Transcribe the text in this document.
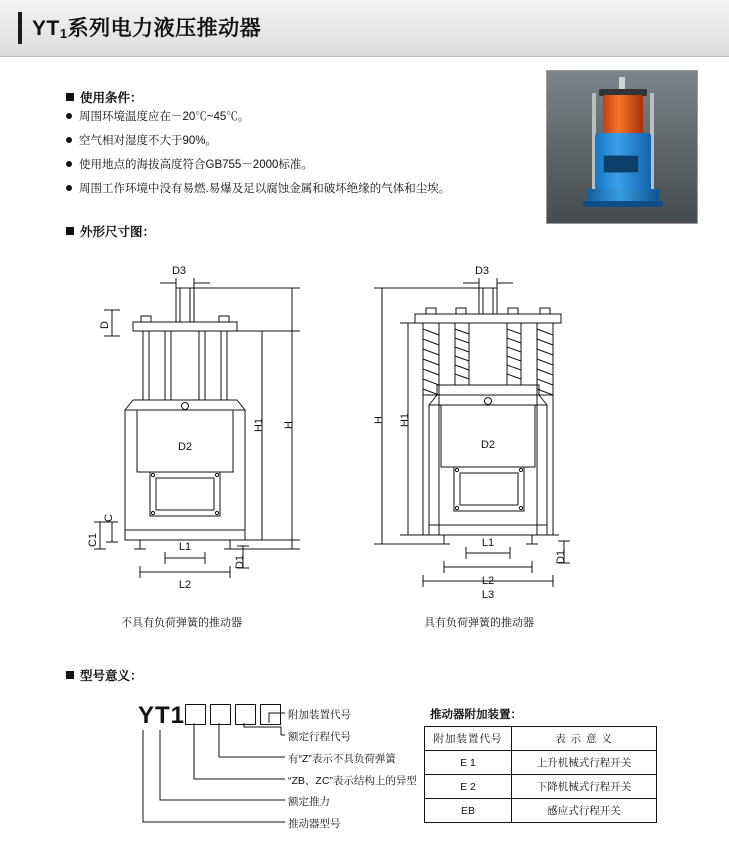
$YT_1$系列电力液压推动器
使用条件：
周围环境温度应在－20℃~45℃。
空气相对湿度不大于90%。
使用地点的海拔高度符合GB755－2000标准。
周围工作环境中没有易燃.易爆及足以腐蚀金属和破坏绝缘的气体和尘埃。
外形尺寸图：
D3
D
H1 H
D2
C
C1	L1
L2
D1
D3
H H1
D2
L1
L2
L3
D1
不具有负荷弹簧的推动器	具有负荷弹簧的推动器
型号意义：
YT1	附加装置代号
额定行程代号
有“Z”表示不具负荷弹簧
“ZB、ZC”表示结构上的异型
额定推力
推动器型号
推动器附加装置：
附加装置代号	表 示 意 义
E 1	上升机械式行程开关
E 2	下降机械式行程开关
EB	感应式行程开关
